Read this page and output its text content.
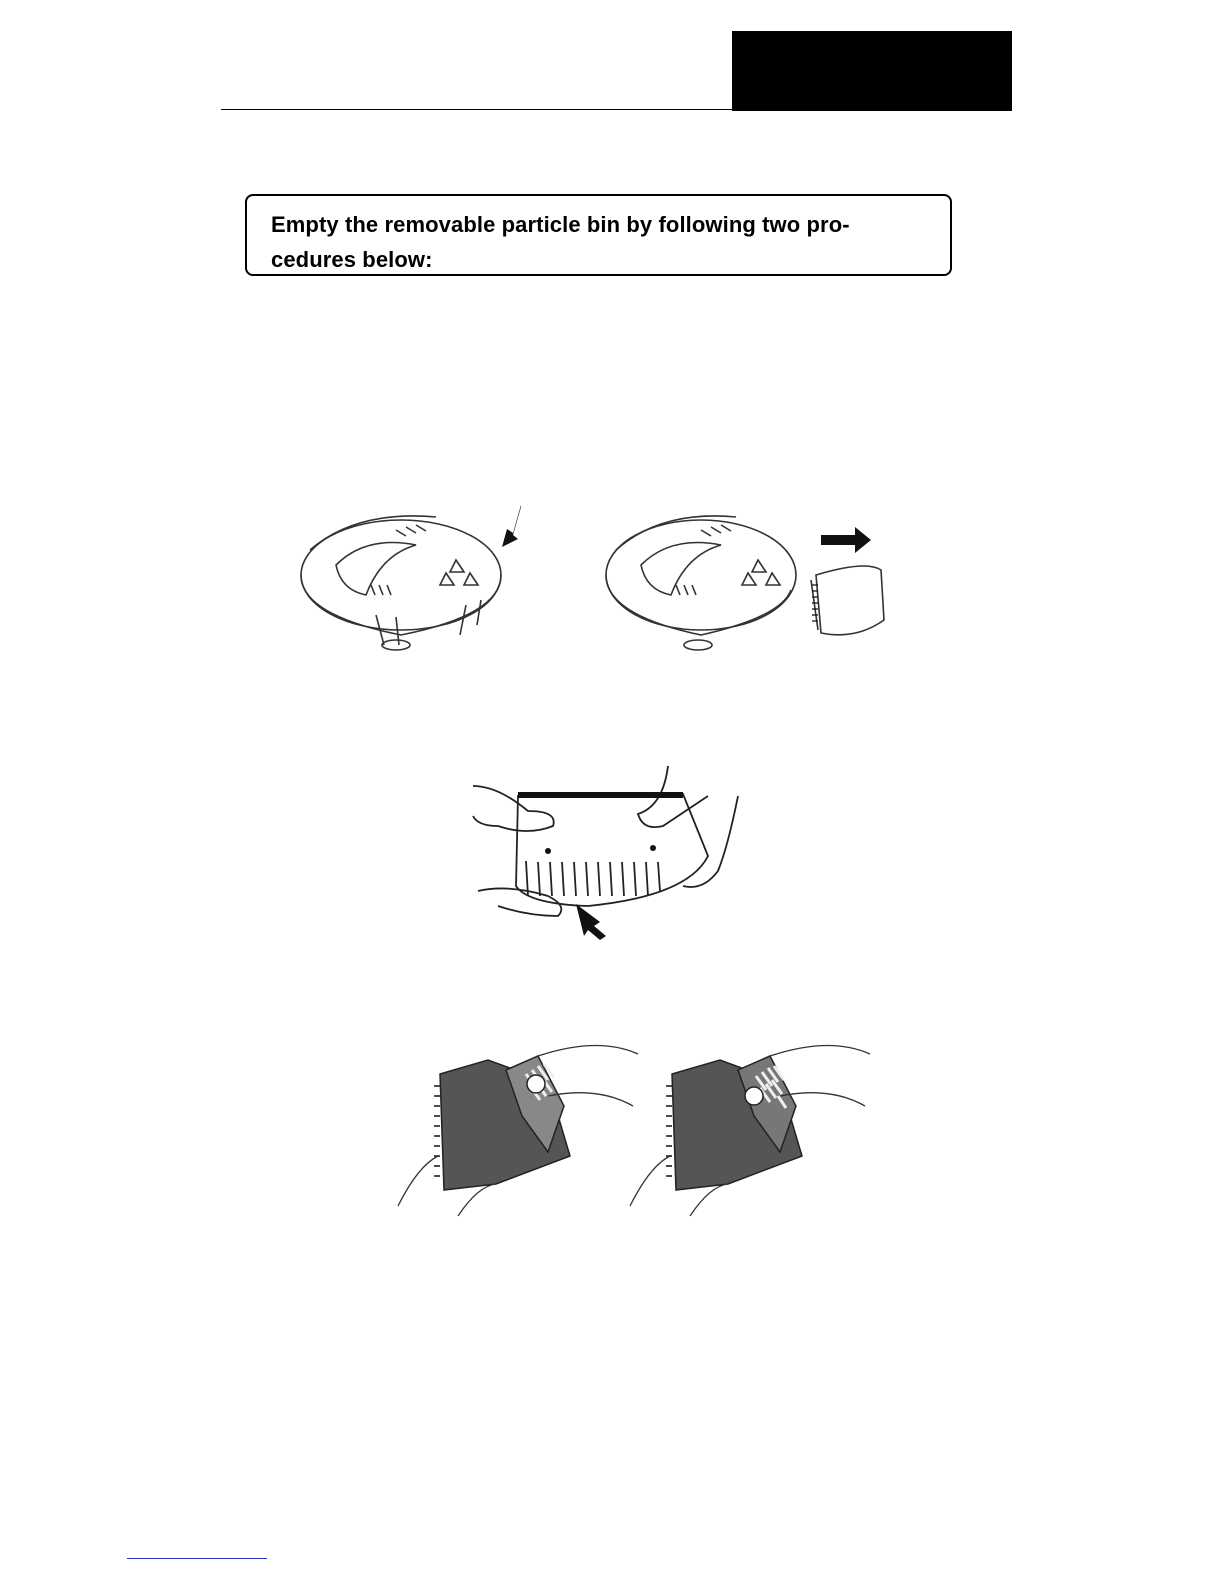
Empty the removable particle bin by following two pro-

cedures below:
